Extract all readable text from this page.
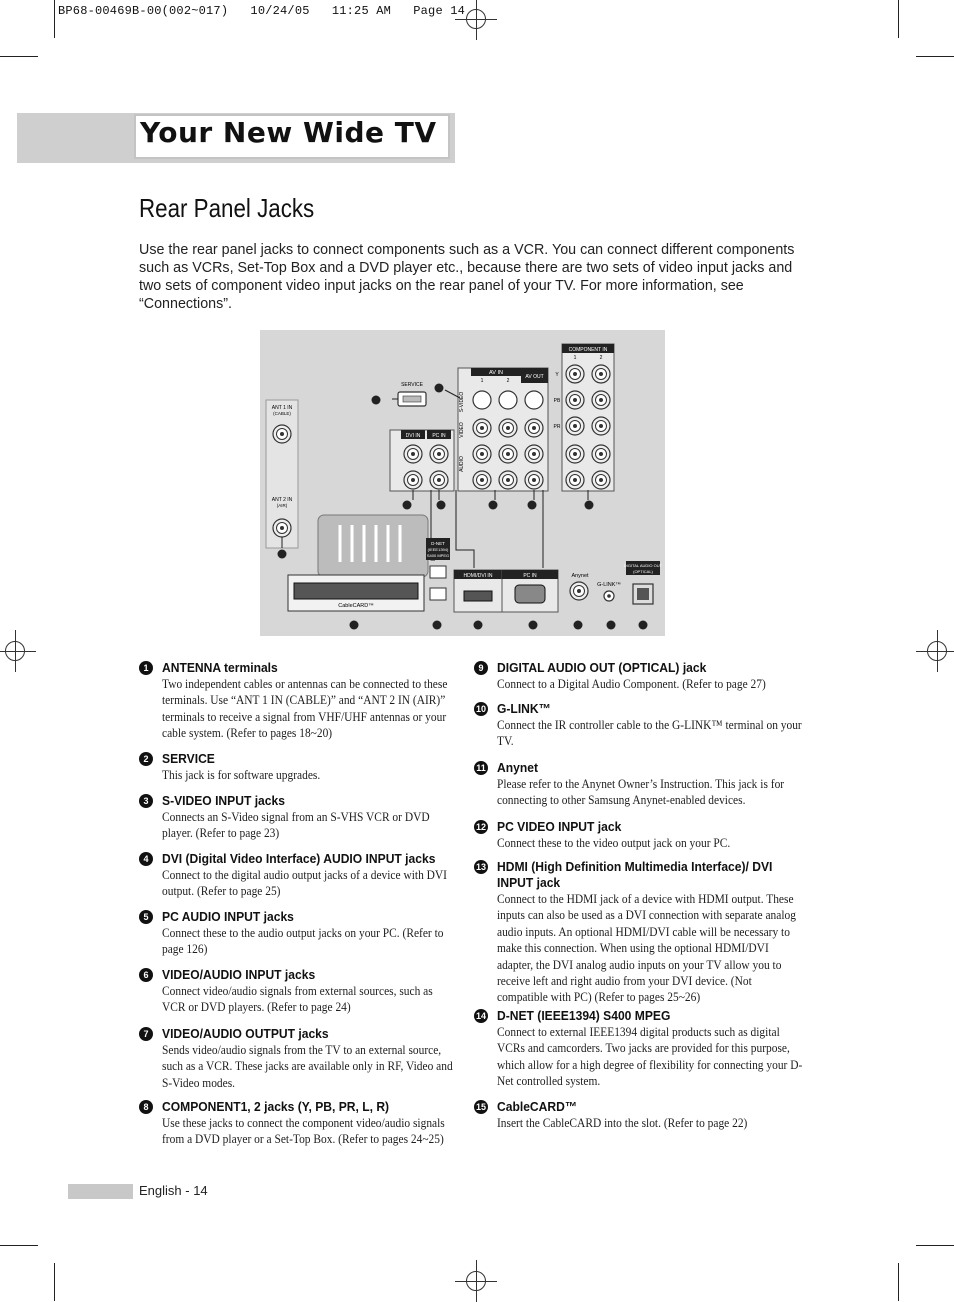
BP68-00469B-00(002~017)   10/24/05   11:25 AM   Page 14
Your New Wide TV
Rear Panel Jacks

Use the rear panel jacks to connect components such as a VCR. You can connect different components such as VCRs, Set-Top Box and a DVD player etc., because there are two sets of video input jacks and two sets of component video input jacks on the rear panel of your TV. For more information, see “Connections”.

ANT 1 IN
(CABLE)
ANT 2 IN
(AIR)
SERVICE
AV IN
1	2
AV OUT
S-VIDEO
VIDEO
AUDIO
COMPONENT IN
1	2
Y
PB
PR
DVI IN PC IN
CableCARD™
D-NET
(IEEE1394)
S400 MPEG
HDMI/DVI IN	PC IN	Anynet
G-LINK™
DIGITAL AUDIO OUT
(OPTICAL)
1	ANTENNA terminals
Two independent cables or antennas can be connected to these terminals. Use “ANT 1 IN (CABLE)” and “ANT 2 IN (AIR)” terminals to receive a signal from VHF/UHF antennas or your cable system. (Refer to pages 18~20)
2	SERVICE
This jack is for software upgrades.
3	S-VIDEO INPUT jacks
Connects an S-Video signal from an S-VHS VCR or DVD player. (Refer to page 23)
4	DVI (Digital Video Interface) AUDIO INPUT jacks
Connect to the digital audio output jacks of a device with DVI output. (Refer to page 25)
5	PC AUDIO INPUT jacks
Connect these to the audio output jacks on your PC. (Refer to page 126)
6	VIDEO/AUDIO INPUT jacks
Connect video/audio signals from external sources, such as VCR or DVD players. (Refer to page 24)
7	VIDEO/AUDIO OUTPUT jacks
Sends video/audio signals from the TV to an external source, such as a VCR. These jacks are available only in RF, Video and S-Video modes.
8	COMPONENT1, 2 jacks (Y, PB, PR, L, R)
Use these jacks to connect the component video/audio signals from a DVD player or a Set-Top Box. (Refer to pages 24~25)
9	DIGITAL AUDIO OUT (OPTICAL) jack
Connect to a Digital Audio Component. (Refer to page 27)
10 G-LINK™
Connect the IR controller cable to the G-LINK™ terminal on your TV.
11 Anynet
Please refer to the Anynet Owner’s Instruction. This jack is for connecting to other Samsung Anynet-enabled devices.
12 PC VIDEO INPUT jack
Connect these to the video output jack on your PC.
13 HDMI (High Definition Multimedia Interface)/ DVI INPUT jack
Connect to the HDMI jack of a device with HDMI output. These inputs can also be used as a DVI connection with separate analog audio inputs. An optional HDMI/DVI cable will be necessary to make this connection. When using the optional HDMI/DVI adapter, the DVI analog audio inputs on your TV allow you to receive left and right audio from your DVI device. (Not compatible with PC) (Refer to pages 25~26)
14 D-NET (IEEE1394) S400 MPEG
Connect to external IEEE1394 digital products such as digital VCRs and camcorders. Two jacks are provided for this purpose, which allow for a high degree of flexibility for connecting your D-Net controlled system.
15 CableCARD™
Insert the CableCARD into the slot. (Refer to page 22)
English - 14
